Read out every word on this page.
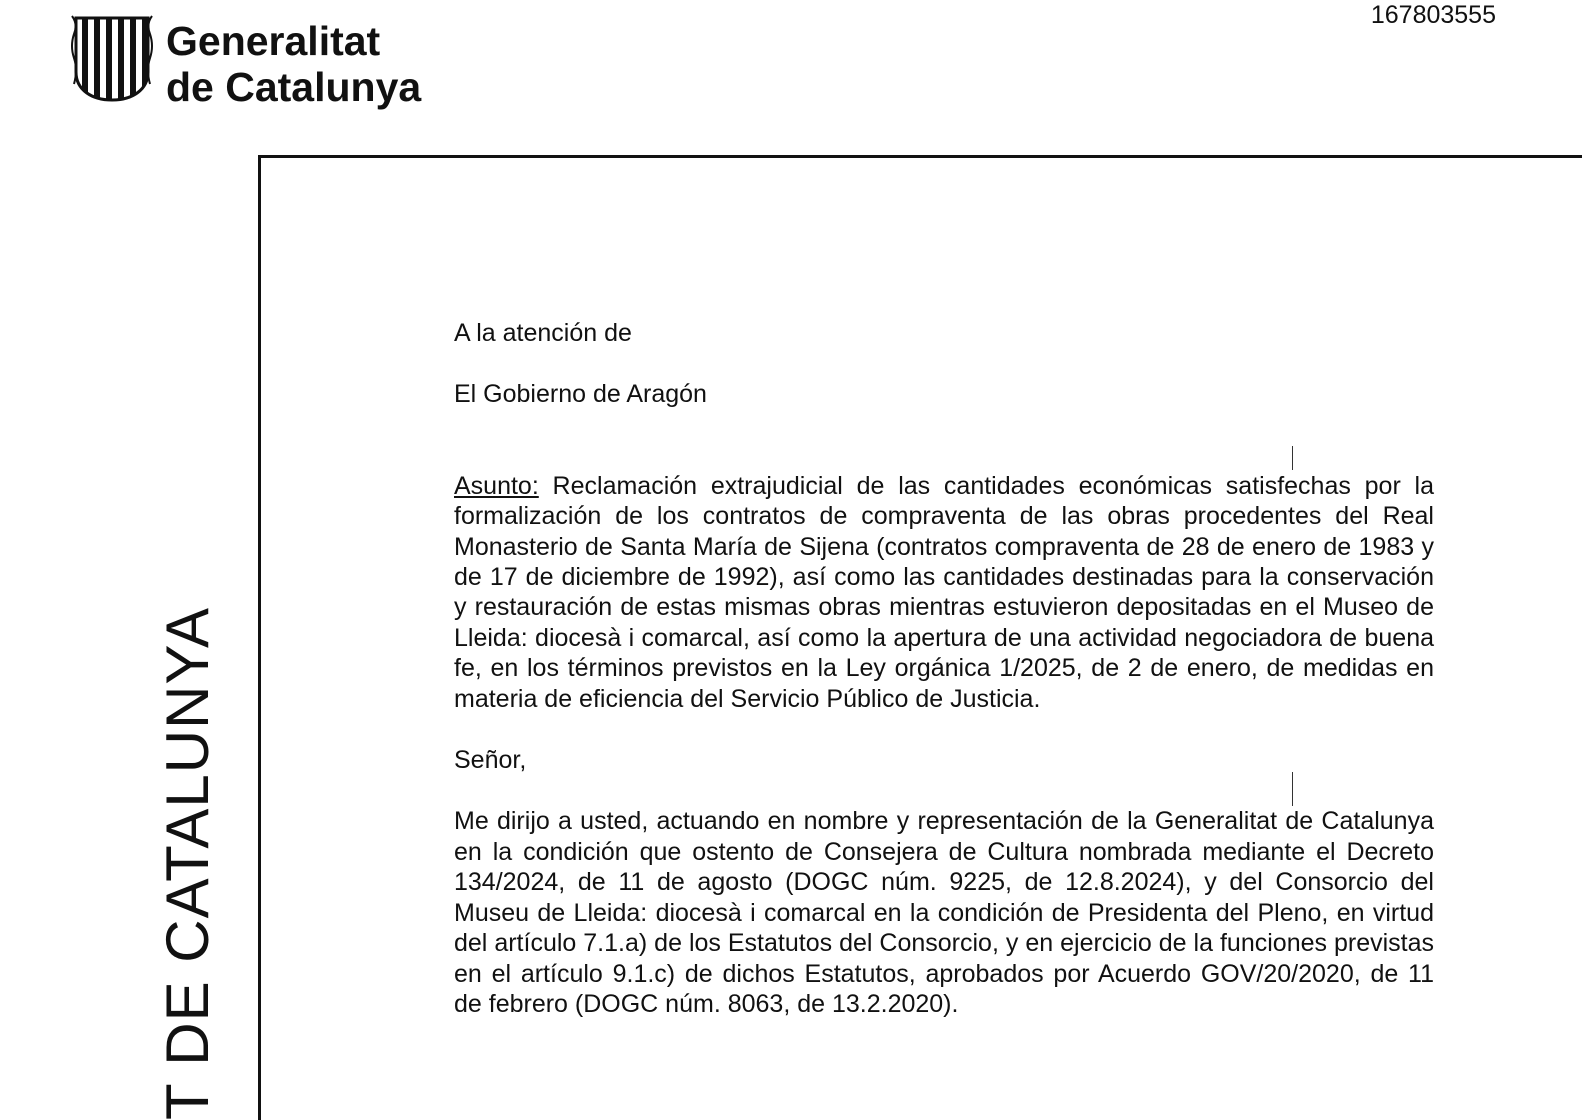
Generalitat
de Catalunya
167803555
T DE CATALUNYA

A la atención de

El Gobierno de Aragón

Asunto: Reclamación extrajudicial de las cantidades económicas satisfechas por la formalización de los contratos de compraventa de las obras procedentes del Real Monasterio de Santa María de Sijena (contratos compraventa de 28 de enero de 1983 y de 17 de diciembre de 1992), así como las cantidades destinadas para la conservación y restauración de estas mismas obras mientras estuvieron depositadas en el Museo de Lleida: diocesà i comarcal, así como la apertura de una actividad negociadora de buena fe, en los términos previstos en la Ley orgánica 1/2025, de 2 de enero, de medidas en materia de eficiencia del Servicio Público de Justicia.

Señor,

Me dirijo a usted, actuando en nombre y representación de la Generalitat de Catalunya en la condición que ostento de Consejera de Cultura nombrada mediante el Decreto 134/2024, de 11 de agosto (DOGC núm. 9225, de 12.8.2024), y del Consorcio del Museu de Lleida: diocesà i comarcal en la condición de Presidenta del Pleno, en virtud del artículo 7.1.a) de los Estatutos del Consorcio, y en ejercicio de la funciones previstas en el artículo 9.1.c) de dichos Estatutos, aprobados por Acuerdo GOV/20/2020, de 11 de febrero (DOGC núm. 8063, de 13.2.2020).
